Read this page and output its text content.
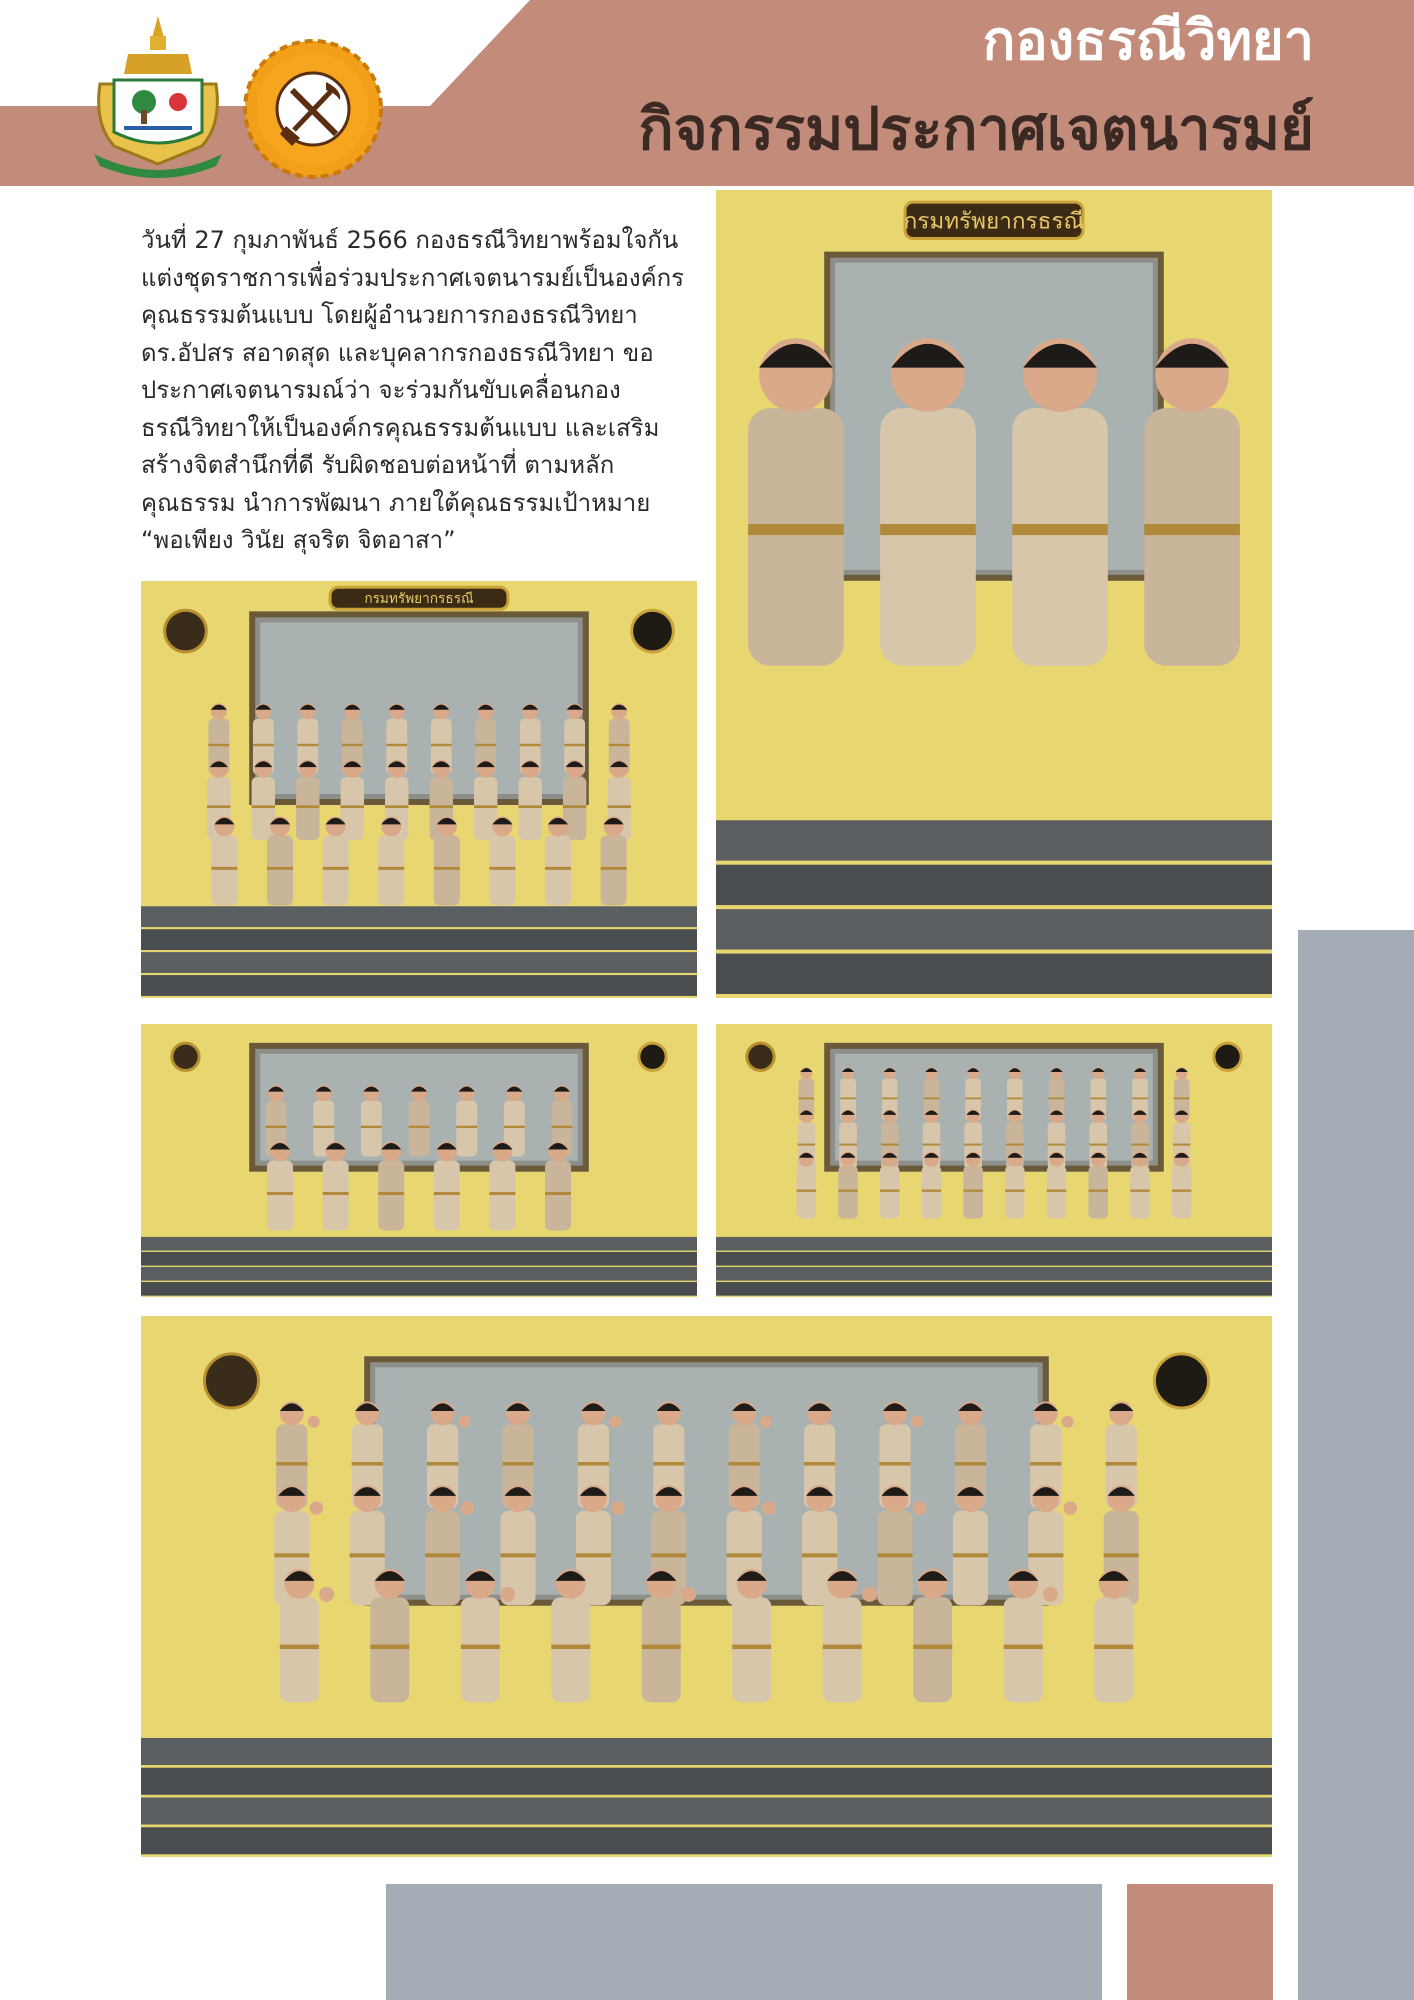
กองธรณีวิทยา
กิจกรรมประกาศเจตนารมย์

วันที่ 27 กุมภาพันธ์ 2566 กองธรณีวิทยาพร้อมใจกัน

แต่งชุดราชการเพื่อร่วมประกาศเจตนารมย์เป็นองค์กร

คุณธรรมต้นแบบ โดยผู้อำนวยการกองธรณีวิทยา

ดร.อัปสร สอาดสุด และบุคลากรกองธรณีวิทยา ขอ

ประกาศเจตนารมณ์ว่า จะร่วมกันขับเคลื่อนกอง

ธรณีวิทยาให้เป็นองค์กรคุณธรรมต้นแบบ และเสริม

สร้างจิตสำนึกที่ดี รับผิดชอบต่อหน้าที่ ตามหลัก

คุณธรรม นำการพัฒนา ภายใต้คุณธรรมเป้าหมาย

“พอเพียง วินัย สุจริต จิตอาสา”

กรมทรัพยากรธรณี
กรมทรัพยากรธรณี
